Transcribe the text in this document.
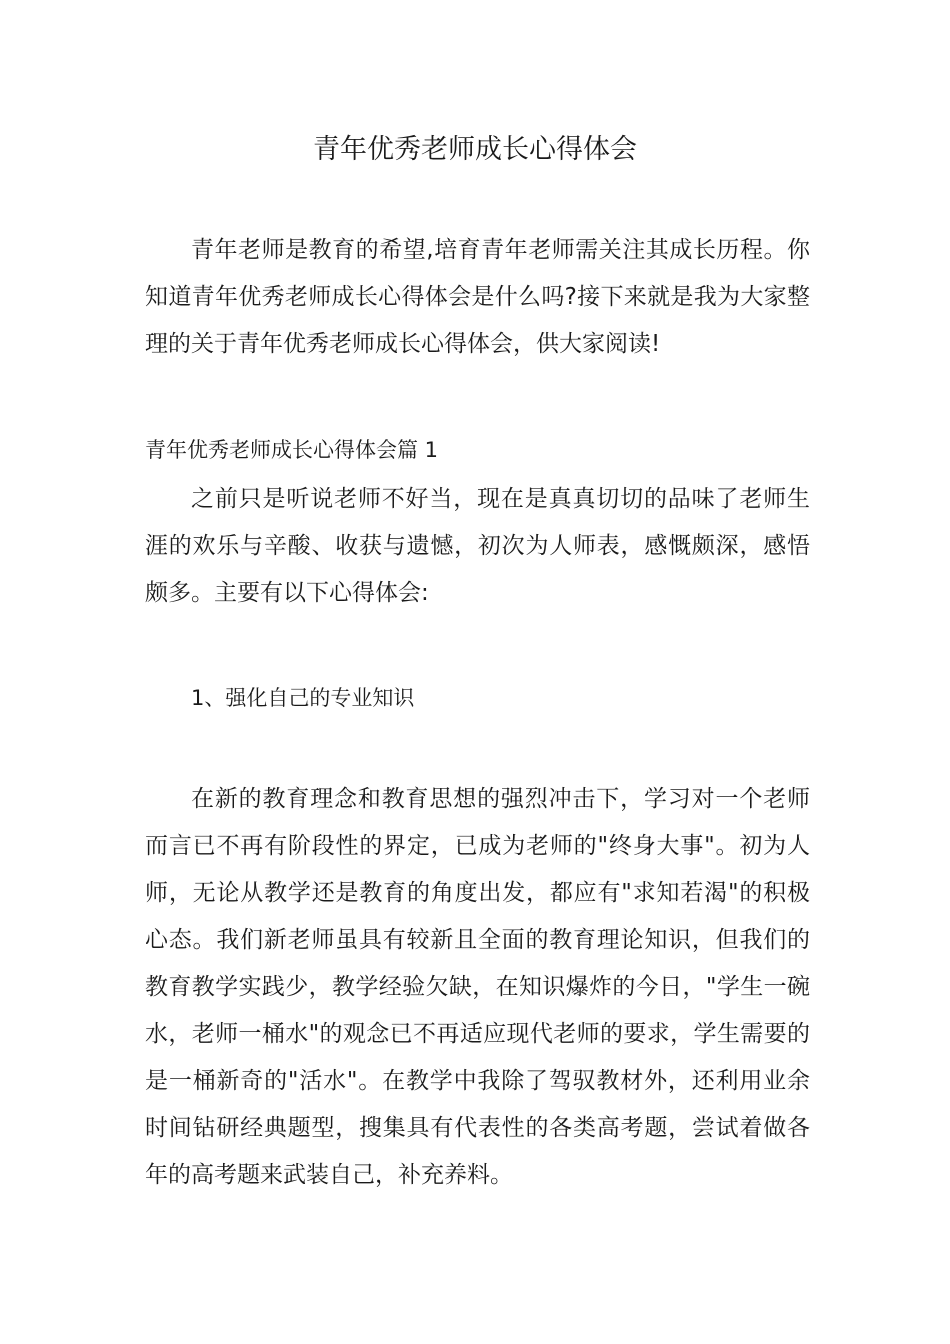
青年优秀老师成长心得体会

青年老师是教育的希望,培育青年老师需关注其成长历程。你知道青年优秀老师成长心得体会是什么吗?接下来就是我为大家整理的关于青年优秀老师成长心得体会，供大家阅读!

青年优秀老师成长心得体会篇 1

之前只是听说老师不好当，现在是真真切切的品味了老师生涯的欢乐与辛酸、收获与遗憾，初次为人师表，感慨颇深，感悟颇多。主要有以下心得体会:

1、强化自己的专业知识

在新的教育理念和教育思想的强烈冲击下，学习对一个老师而言已不再有阶段性的界定，已成为老师的"终身大事"。初为人师，无论从教学还是教育的角度出发，都应有"求知若渴"的积极心态。我们新老师虽具有较新且全面的教育理论知识，但我们的教育教学实践少，教学经验欠缺，在知识爆炸的今日，"学生一碗水，老师一桶水"的观念已不再适应现代老师的要求，学生需要的是一桶新奇的"活水"。在教学中我除了驾驭教材外，还利用业余时间钻研经典题型，搜集具有代表性的各类高考题，尝试着做各年的高考题来武装自己，补充养料。
